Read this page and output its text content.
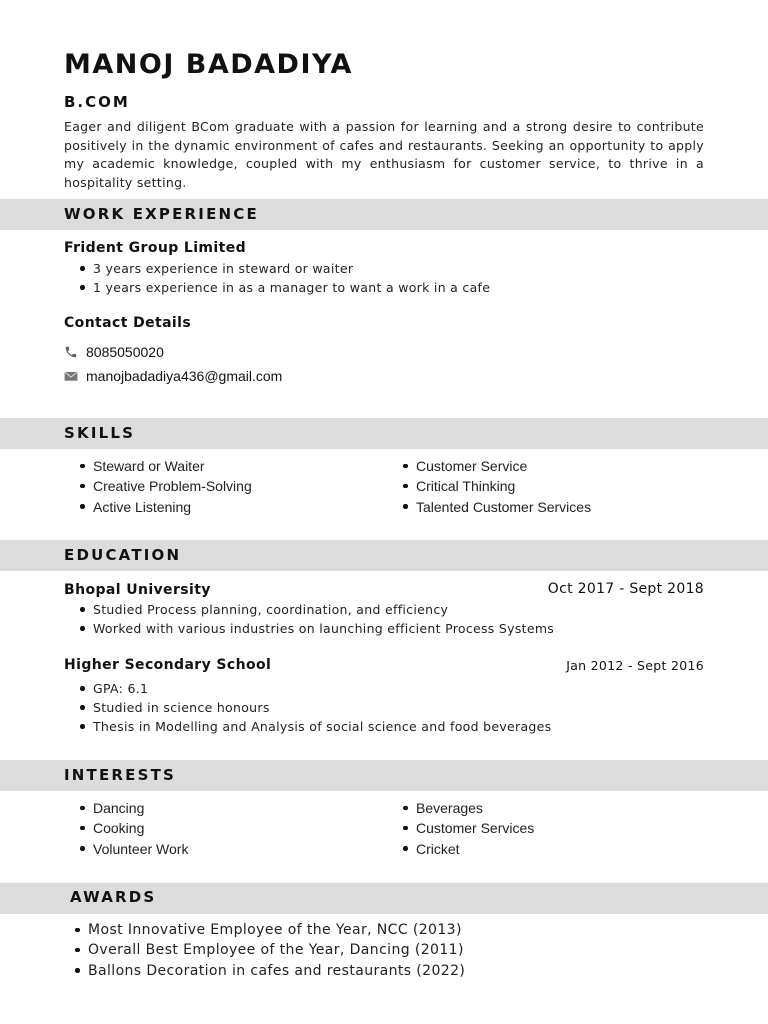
MANOJ BADADIYA
B.COM
Eager and diligent BCom graduate with a passion for learning and a strong desire to contribute positively in the dynamic environment of cafes and restaurants. Seeking an opportunity to apply my academic knowledge, coupled with my enthusiasm for customer service, to thrive in a hospitality setting.
WORK EXPERIENCE
Frident Group Limited
3 years experience in steward or waiter
1 years experience in as a manager to want a work in a cafe
Contact Details
8085050020
manojbadadiya436@gmail.com
SKILLS
Steward or Waiter
Creative Problem-Solving
Active Listening
Customer Service
Critical Thinking
Talented Customer Services
EDUCATION
Bhopal University	Oct 2017 - Sept 2018
Studied Process planning, coordination, and efficiency
Worked with various industries on launching efficient Process Systems
Higher Secondary School	Jan 2012 - Sept 2016
GPA: 6.1
Studied in science honours
Thesis in Modelling and Analysis of social science and food beverages
INTERESTS
Dancing
Cooking
Volunteer Work
Beverages
Customer Services
Cricket
AWARDS
Most Innovative Employee of the Year, NCC (2013)
Overall Best Employee of the Year, Dancing (2011)
Ballons Decoration in cafes and restaurants (2022)
